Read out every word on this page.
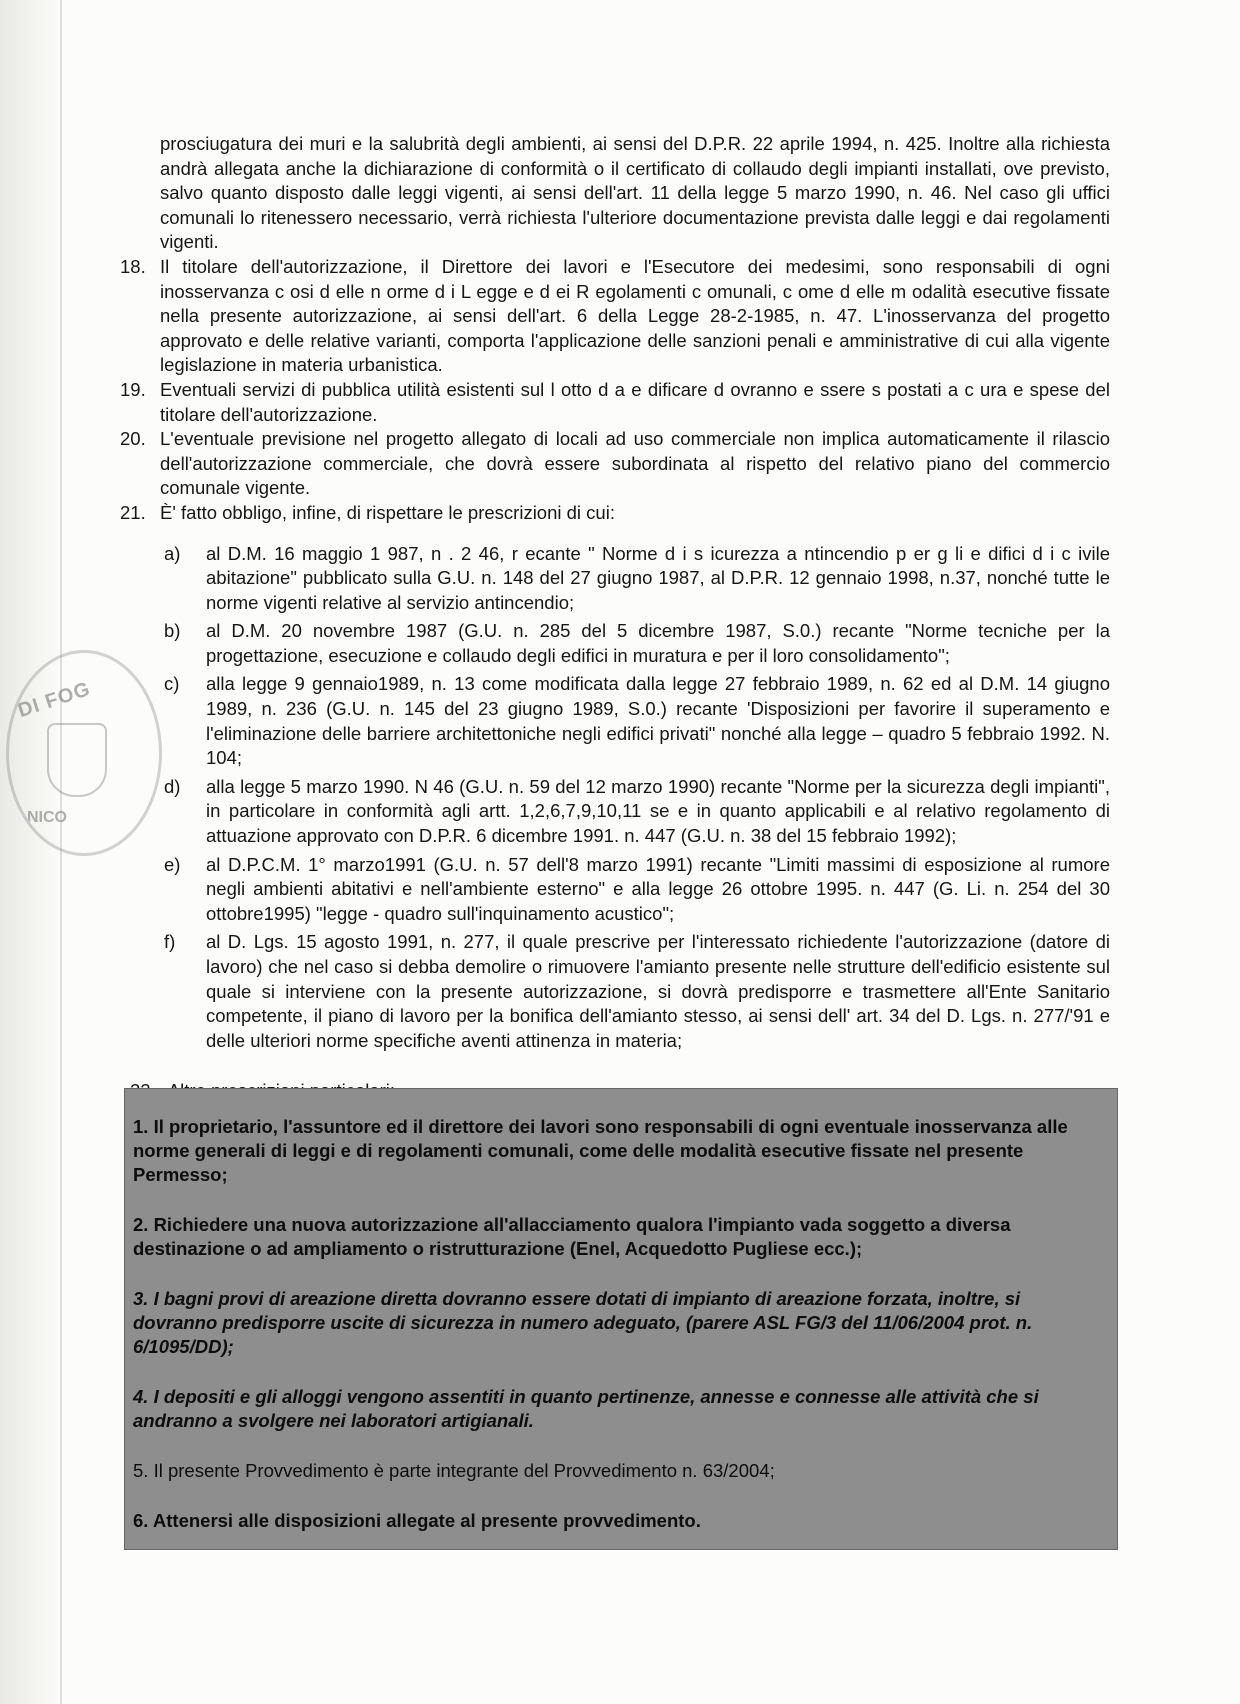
DI FOG
NICO

prosciugatura dei muri e la salubrità degli ambienti, ai sensi del D.P.R. 22 aprile 1994, n. 425. Inoltre alla richiesta andrà allegata anche la dichiarazione di conformità o il certificato di collaudo degli impianti installati, ove previsto, salvo quanto disposto dalle leggi vigenti, ai sensi dell'art. 11 della legge 5 marzo 1990, n. 46. Nel caso gli uffici comunali lo ritenessero necessario, verrà richiesta l'ulteriore documentazione prevista dalle leggi e dai regolamenti vigenti.

18. Il titolare dell'autorizzazione, il Direttore dei lavori e l'Esecutore dei medesimi, sono responsabili di ogni inosservanza c osi d elle n orme d i L egge e d ei R egolamenti c omunali, c ome d elle m odalità esecutive fissate nella presente autorizzazione, ai sensi dell'art. 6 della Legge 28-2-1985, n. 47. L'inosservanza del progetto approvato e delle relative varianti, comporta l'applicazione delle sanzioni penali e amministrative di cui alla vigente legislazione in materia urbanistica.
19. Eventuali servizi di pubblica utilità esistenti sul l otto d a e dificare d ovranno e ssere s postati a c ura e spese del titolare dell'autorizzazione.
20. L'eventuale previsione nel progetto allegato di locali ad uso commerciale non implica automaticamente il rilascio dell'autorizzazione commerciale, che dovrà essere subordinata al rispetto del relativo piano del commercio comunale vigente.
21. È' fatto obbligo, infine, di rispettare le prescrizioni di cui:
a) al D.M. 16 maggio 1 987, n . 2 46, r ecante " Norme d i s icurezza a ntincendio p er g li e difici d i c ivile abitazione" pubblicato sulla G.U. n. 148 del 27 giugno 1987, al D.P.R. 12 gennaio 1998, n.37, nonché tutte le norme vigenti relative al servizio antincendio;
b) al D.M. 20 novembre 1987 (G.U. n. 285 del 5 dicembre 1987, S.0.) recante "Norme tecniche per la progettazione, esecuzione e collaudo degli edifici in muratura e per il loro consolidamento";
c) alla legge 9 gennaio1989, n. 13 come modificata dalla legge 27 febbraio 1989, n. 62 ed al D.M. 14 giugno 1989, n. 236 (G.U. n. 145 del 23 giugno 1989, S.0.) recante 'Disposizioni per favorire il superamento e l'eliminazione delle barriere architettoniche negli edifici privati" nonché alla legge – quadro 5 febbraio 1992. N. 104;
d) alla legge 5 marzo 1990. N 46 (G.U. n. 59 del 12 marzo 1990) recante "Norme per la sicurezza degli impianti", in particolare in conformità agli artt. 1,2,6,7,9,10,11 se e in quanto applicabili e al relativo regolamento di attuazione approvato con D.P.R. 6 dicembre 1991. n. 447 (G.U. n. 38 del 15 febbraio 1992);
e) al D.P.C.M. 1° marzo1991 (G.U. n. 57 dell'8 marzo 1991) recante "Limiti massimi di esposizione al rumore negli ambienti abitativi e nell'ambiente esterno" e alla legge 26 ottobre 1995. n. 447 (G. Li. n. 254 del 30 ottobre1995) "legge - quadro sull'inquinamento acustico";
f) al D. Lgs. 15 agosto 1991, n. 277, il quale prescrive per l'interessato richiedente l'autorizzazione (datore di lavoro) che nel caso si debba demolire o rimuovere l'amianto presente nelle strutture dell'edificio esistente sul quale si interviene con la presente autorizzazione, si dovrà predisporre e trasmettere all'Ente Sanitario competente, il piano di lavoro per la bonifica dell'amianto stesso, ai sensi dell' art. 34 del D. Lgs. n. 277/'91 e delle ulteriori norme specifiche aventi attinenza in materia;

1. Il proprietario, l'assuntore ed il direttore dei lavori sono responsabili di ogni eventuale inosservanza alle norme generali di leggi e di regolamenti comunali, come delle modalità esecutive fissate nel presente Permesso;

2. Richiedere una nuova autorizzazione all'allacciamento qualora l'impianto vada soggetto a diversa destinazione o ad ampliamento o ristrutturazione (Enel, Acquedotto Pugliese ecc.);

3. I bagni provi di areazione diretta dovranno essere dotati di impianto di areazione forzata, inoltre, si dovranno predisporre uscite di sicurezza in numero adeguato, (parere ASL FG/3 del 11/06/2004 prot. n. 6/1095/DD);

4. I depositi e gli alloggi vengono assentiti in quanto pertinenze, annesse e connesse alle attività che si andranno a svolgere nei laboratori artigianali.

5. Il presente Provvedimento è parte integrante del Provvedimento n. 63/2004;

6. Attenersi alle disposizioni allegate al presente provvedimento.
